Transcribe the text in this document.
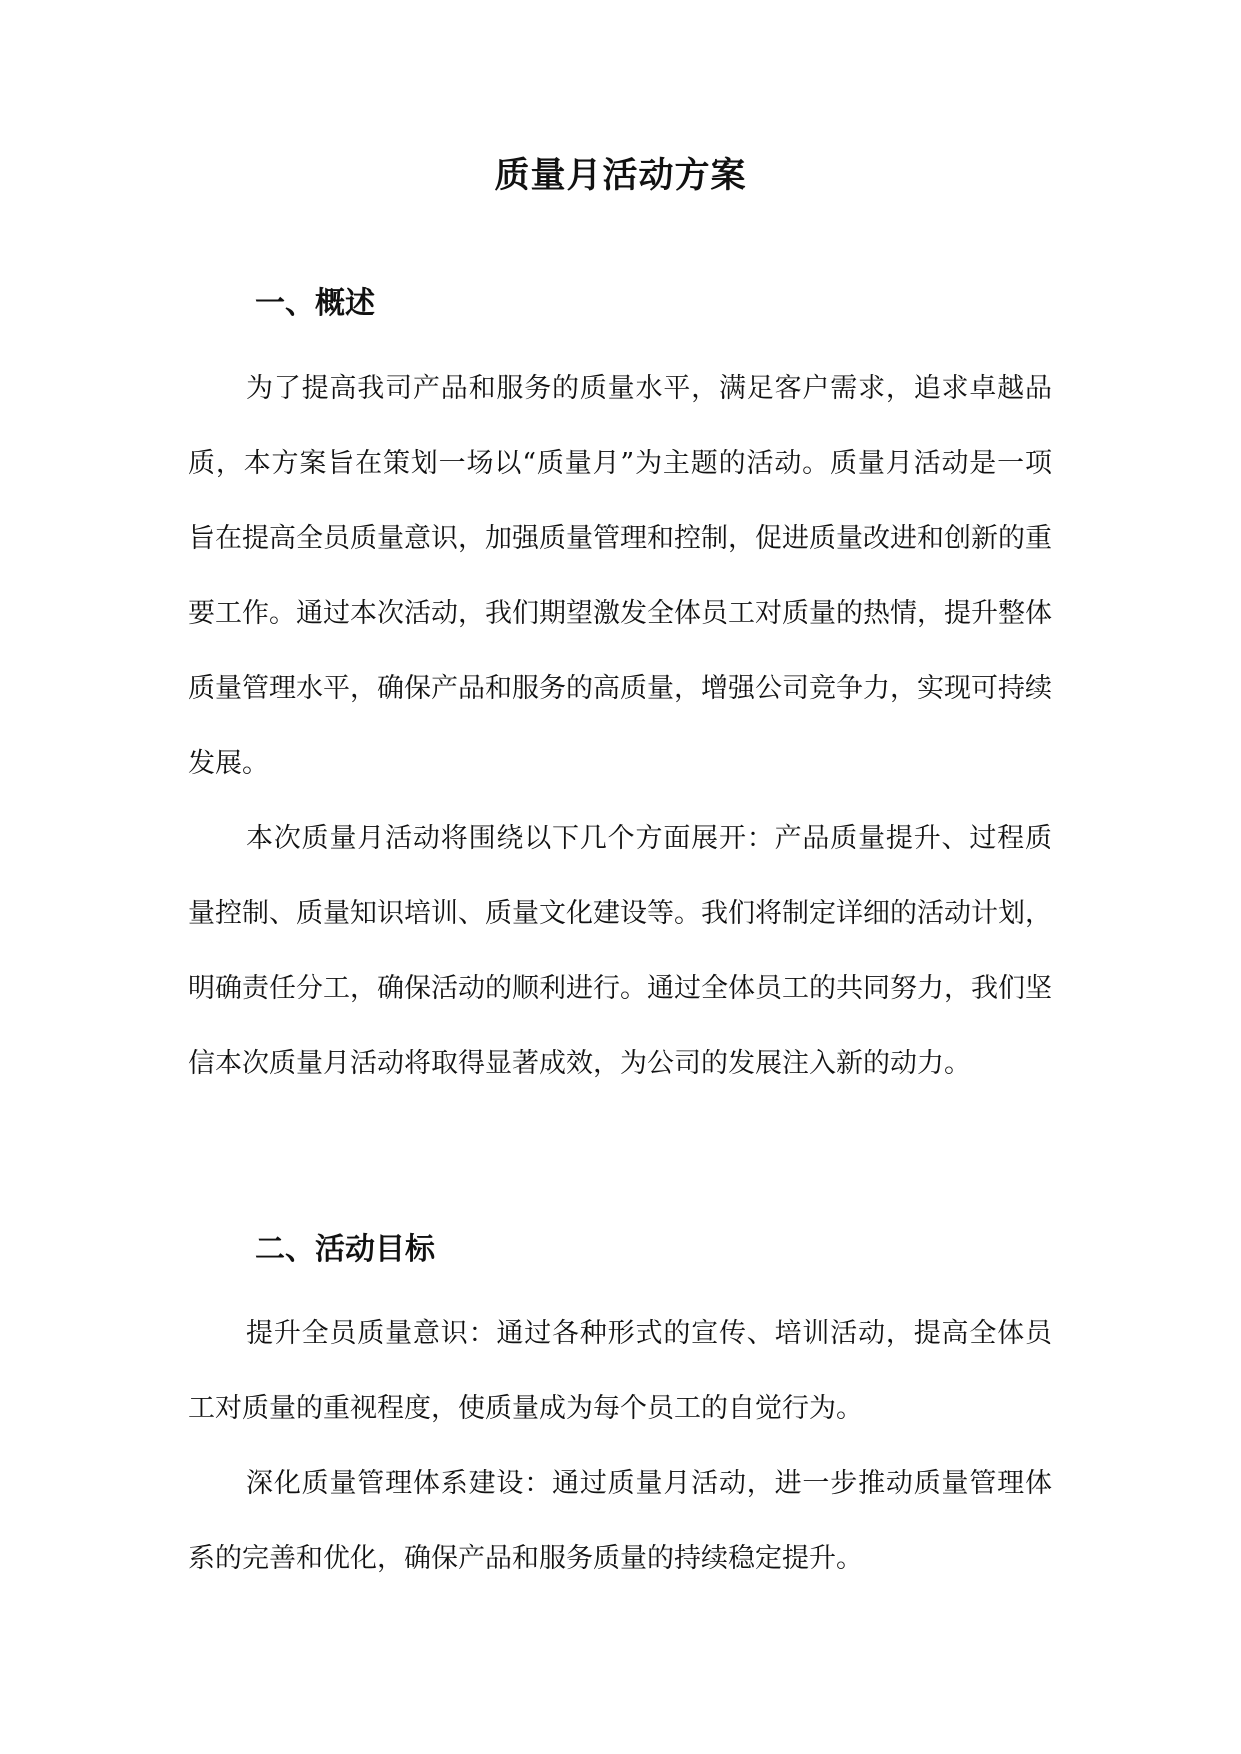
质量月活动方案
一、概述

为了提高我司产品和服务的质量水平，满足客户需求，追求卓越品质，本方案旨在策划一场以“质量月”为主题的活动。质量月活动是一项旨在提高全员质量意识，加强质量管理和控制，促进质量改进和创新的重要工作。通过本次活动，我们期望激发全体员工对质量的热情，提升整体质量管理水平，确保产品和服务的高质量，增强公司竞争力，实现可持续发展。

本次质量月活动将围绕以下几个方面展开：产品质量提升、过程质量控制、质量知识培训、质量文化建设等。我们将制定详细的活动计划，明确责任分工，确保活动的顺利进行。通过全体员工的共同努力，我们坚信本次质量月活动将取得显著成效，为公司的发展注入新的动力。

二、活动目标

提升全员质量意识：通过各种形式的宣传、培训活动，提高全体员工对质量的重视程度，使质量成为每个员工的自觉行为。

深化质量管理体系建设：通过质量月活动，进一步推动质量管理体系的完善和优化，确保产品和服务质量的持续稳定提升。
